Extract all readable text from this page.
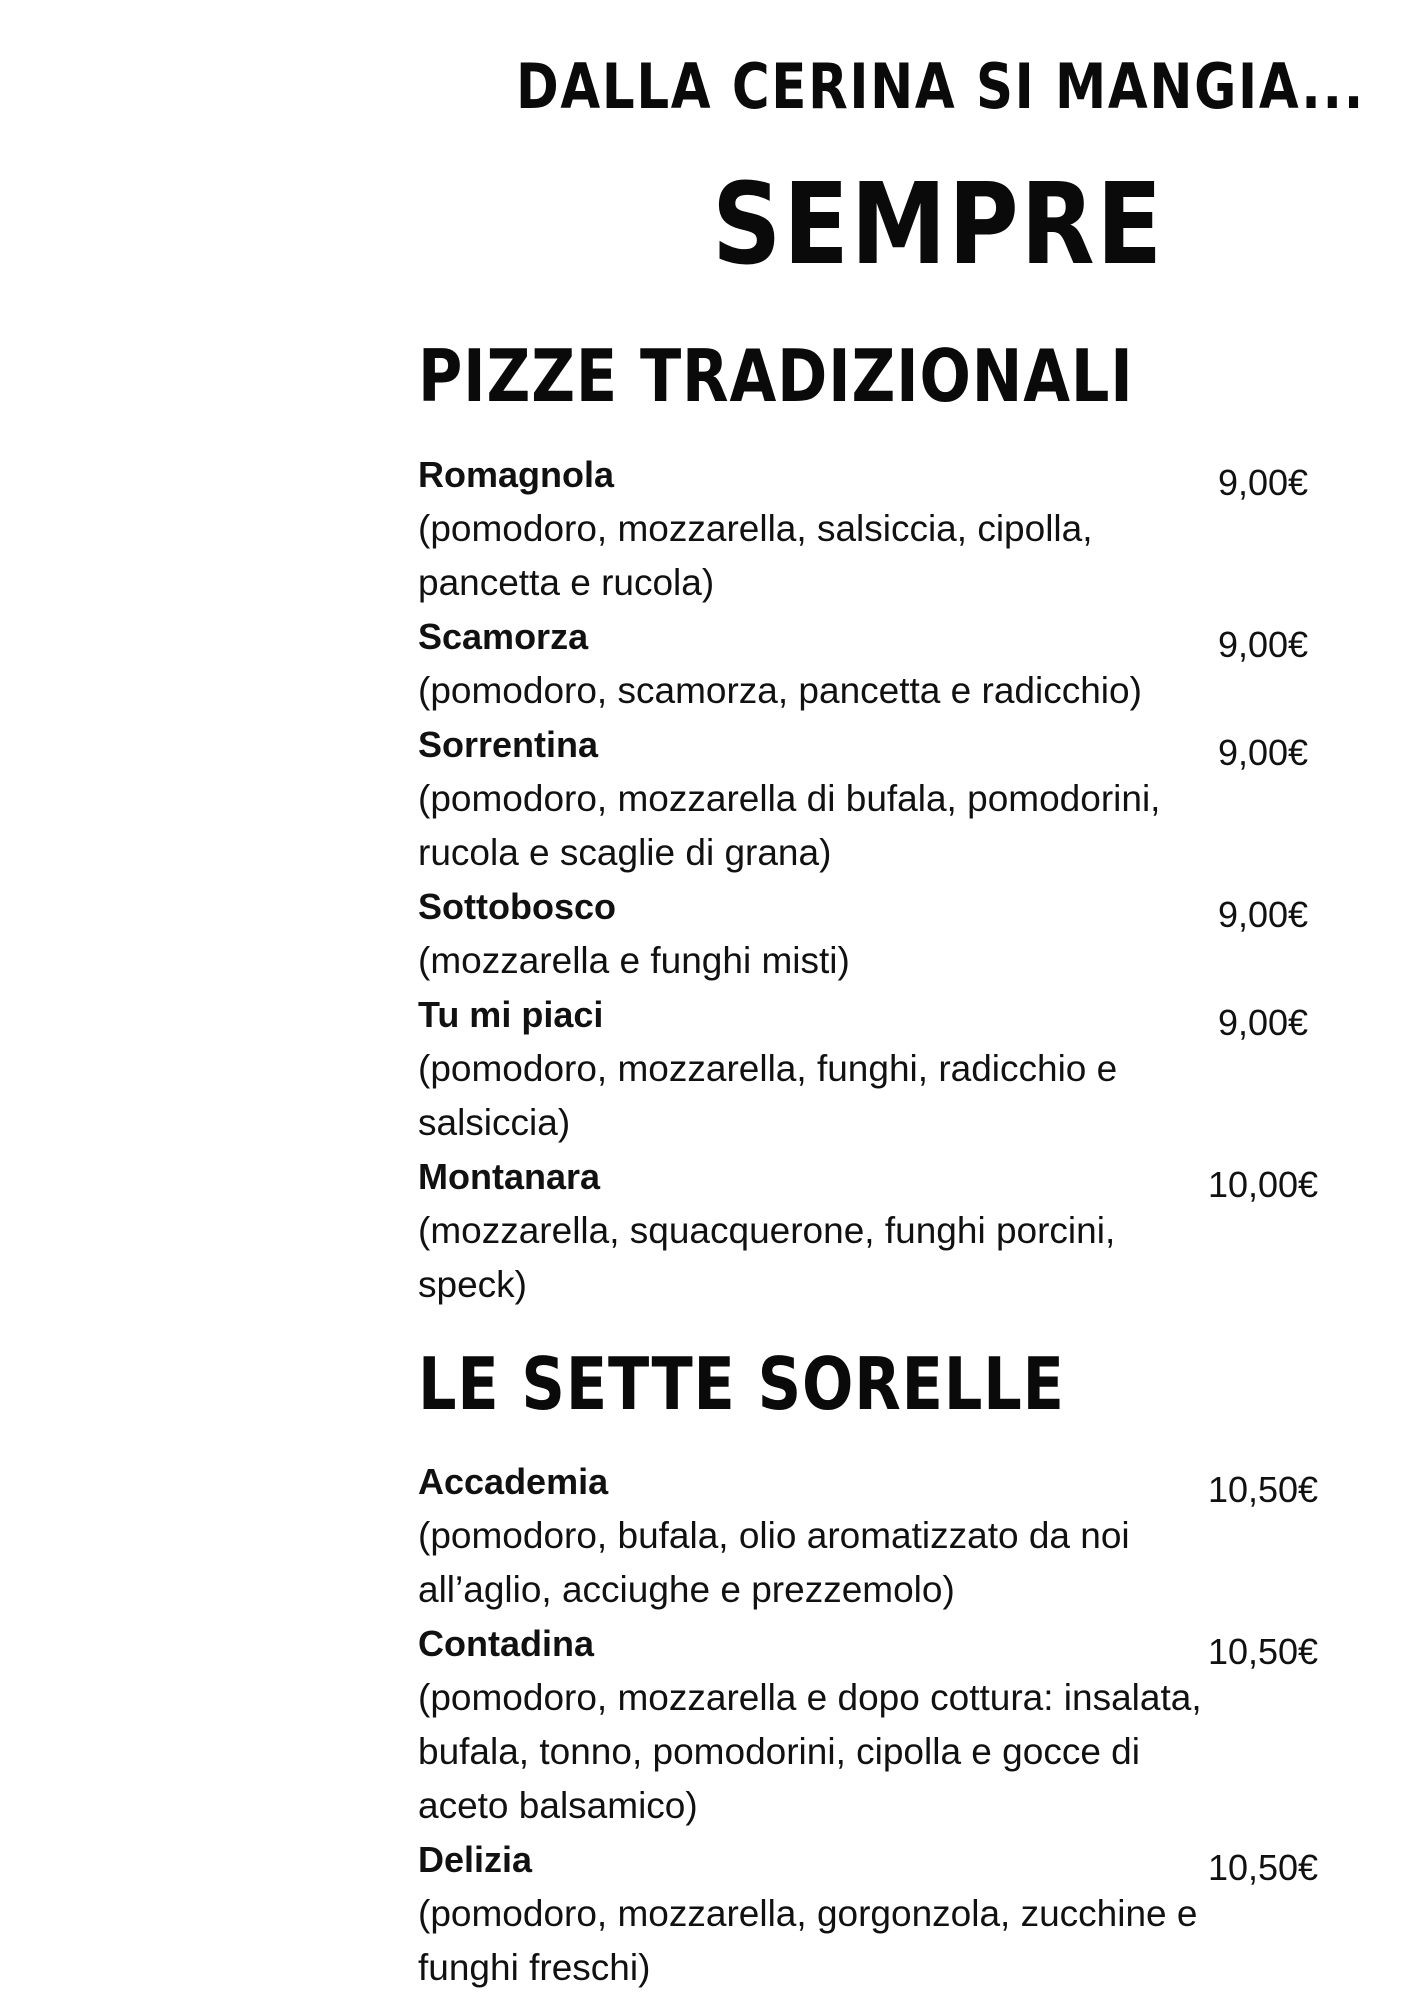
DALLA CERINA SI MANGIA...
SEMPRE
PIZZE TRADIZIONALI
Romagnola
(pomodoro, mozzarella, salsiccia, cipolla, pancetta e rucola)
9,00€
Scamorza
(pomodoro, scamorza, pancetta e radicchio)
9,00€
Sorrentina
(pomodoro, mozzarella di bufala, pomodorini, rucola e scaglie di grana)
9,00€
Sottobosco
(mozzarella e funghi misti)
9,00€
Tu mi piaci
(pomodoro, mozzarella, funghi, radicchio e salsiccia)
9,00€
Montanara
(mozzarella, squacquerone, funghi porcini, speck)
10,00€
LE SETTE SORELLE
Accademia
(pomodoro, bufala, olio aromatizzato da noi all’aglio, acciughe e prezzemolo)
10,50€
Contadina
(pomodoro, mozzarella e dopo cottura: insalata, bufala, tonno, pomodorini, cipolla e gocce di aceto balsamico)
10,50€
Delizia
(pomodoro, mozzarella, gorgonzola, zucchine e funghi freschi)
10,50€
